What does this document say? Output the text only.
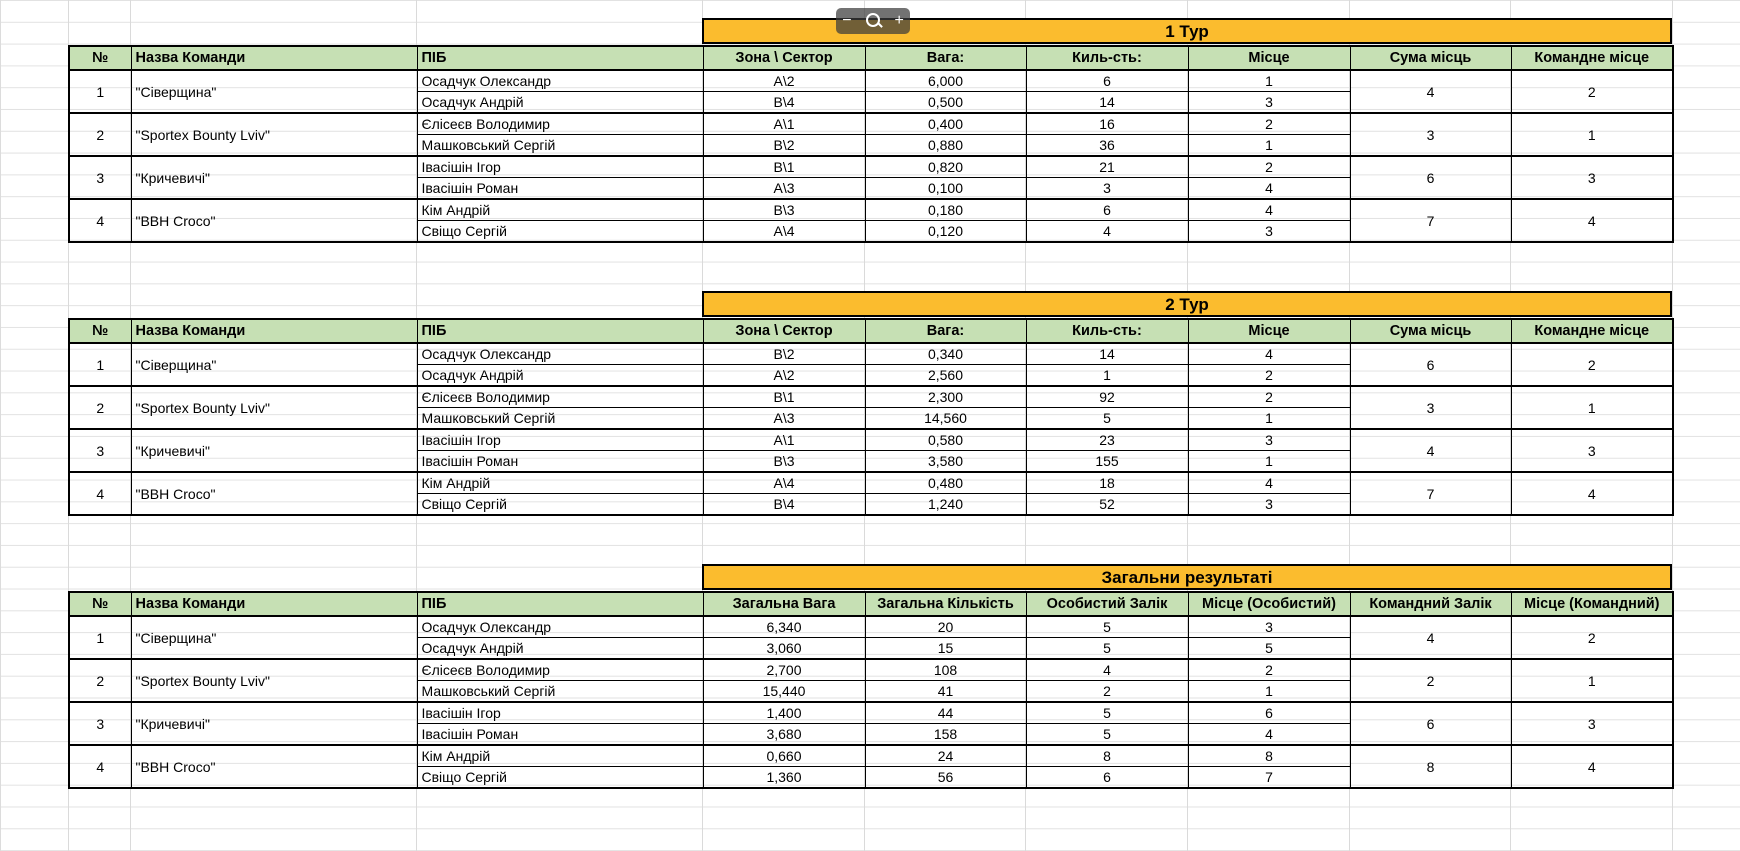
−	+
1 Тур
№	Назва Команди	ПІБ	Зона \ Сектор	Вага:	Киль-сть:	Місце	Сума місць	Командне місце
1	"Сіверщина"	Осадчук Олександр	А\2	6,000	6	1	4	2
		Осадчук Андрій	В\4	0,500	14	3		
2	"Sportex Bounty Lviv"	Єлісеєв Володимир	А\1	0,400	16	2	3	1
		Машковський Сергій	В\2	0,880	36	1		
3	"Кричевичі"	Івасішін Ігор	В\1	0,820	21	2	6	3
		Івасішін Роман	А\3	0,100	3	4		
4	"BBH Croco"	Кім Андрій	В\3	0,180	6	4	7	4
		Свіщо Сергій	А\4	0,120	4	3		
2 Тур
№	Назва Команди	ПІБ	Зона \ Сектор	Вага:	Киль-сть:	Місце	Сума місць	Командне місце
1	"Сіверщина"	Осадчук Олександр	В\2	0,340	14	4	6	2
		Осадчук Андрій	А\2	2,560	1	2		
2	"Sportex Bounty Lviv"	Єлісеєв Володимир	В\1	2,300	92	2	3	1
		Машковський Сергій	А\3	14,560	5	1		
3	"Кричевичі"	Івасішін Ігор	А\1	0,580	23	3	4	3
		Івасішін Роман	В\3	3,580	155	1		
4	"BBH Croco"	Кім Андрій	А\4	0,480	18	4	7	4
		Свіщо Сергій	В\4	1,240	52	3		
Загальни результаті
№	Назва Команди	ПІБ	Загальна Вага	Загальна Кількість	Особистий Залік	Місце (Особистий)	Командний Залік	Місце (Командний)
1	"Сіверщина"	Осадчук Олександр	6,340	20	5	3	4	2
		Осадчук Андрій	3,060	15	5	5		
2	"Sportex Bounty Lviv"	Єлісеєв Володимир	2,700	108	4	2	2	1
		Машковський Сергій	15,440	41	2	1		
3	"Кричевичі"	Івасішін Ігор	1,400	44	5	6	6	3
		Івасішін Роман	3,680	158	5	4		
4	"BBH Croco"	Кім Андрій	0,660	24	8	8	8	4
		Свіщо Сергій	1,360	56	6	7		
